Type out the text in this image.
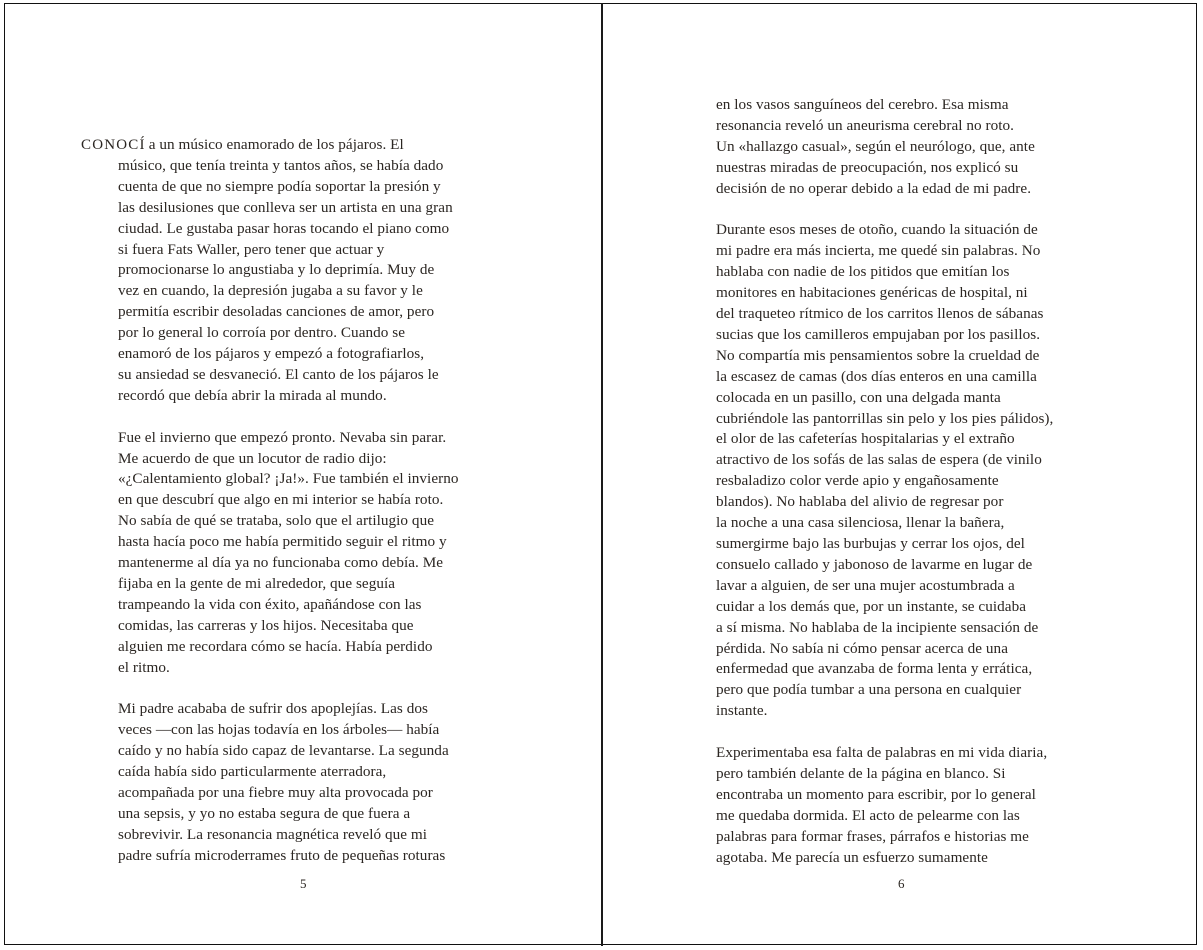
conocí a un músico enamorado de los pájaros. El
músico, que tenía treinta y tantos años, se había dado
cuenta de que no siempre podía soportar la presión y
las desilusiones que conlleva ser un artista en una gran
ciudad. Le gustaba pasar horas tocando el piano como
si fuera Fats Waller, pero tener que actuar y
promocionarse lo angustiaba y lo deprimía. Muy de
vez en cuando, la depresión jugaba a su favor y le
permitía escribir desoladas canciones de amor, pero
por lo general lo corroía por dentro. Cuando se
enamoró de los pájaros y empezó a fotografiarlos,
su ansiedad se desvaneció. El canto de los pájaros le
recordó que debía abrir la mirada al mundo.
Fue el invierno que empezó pronto. Nevaba sin parar.
Me acuerdo de que un locutor de radio dijo:
«¿Calentamiento global? ¡Ja!». Fue también el invierno
en que descubrí que algo en mi interior se había roto.
No sabía de qué se trataba, solo que el artilugio que
hasta hacía poco me había permitido seguir el ritmo y
mantenerme al día ya no funcionaba como debía. Me
fijaba en la gente de mi alrededor, que seguía
trampeando la vida con éxito, apañándose con las
comidas, las carreras y los hijos. Necesitaba que
alguien me recordara cómo se hacía. Había perdido
el ritmo.
Mi padre acababa de sufrir dos apoplejías. Las dos
veces —con las hojas todavía en los árboles— había
caído y no había sido capaz de levantarse. La segunda
caída había sido particularmente aterradora,
acompañada por una fiebre muy alta provocada por
una sepsis, y yo no estaba segura de que fuera a
sobrevivir. La resonancia magnética reveló que mi
padre sufría microderrames fruto de pequeñas roturas
5
en los vasos sanguíneos del cerebro. Esa misma
resonancia reveló un aneurisma cerebral no roto.
Un «hallazgo casual», según el neurólogo, que, ante
nuestras miradas de preocupación, nos explicó su
decisión de no operar debido a la edad de mi padre.
Durante esos meses de otoño, cuando la situación de
mi padre era más incierta, me quedé sin palabras. No
hablaba con nadie de los pitidos que emitían los
monitores en habitaciones genéricas de hospital, ni
del traqueteo rítmico de los carritos llenos de sábanas
sucias que los camilleros empujaban por los pasillos.
No compartía mis pensamientos sobre la crueldad de
la escasez de camas (dos días enteros en una camilla
colocada en un pasillo, con una delgada manta
cubriéndole las pantorrillas sin pelo y los pies pálidos),
el olor de las cafeterías hospitalarias y el extraño
atractivo de los sofás de las salas de espera (de vinilo
resbaladizo color verde apio y engañosamente
blandos). No hablaba del alivio de regresar por
la noche a una casa silenciosa, llenar la bañera,
sumergirme bajo las burbujas y cerrar los ojos, del
consuelo callado y jabonoso de lavarme en lugar de
lavar a alguien, de ser una mujer acostumbrada a
cuidar a los demás que, por un instante, se cuidaba
a sí misma. No hablaba de la incipiente sensación de
pérdida. No sabía ni cómo pensar acerca de una
enfermedad que avanzaba de forma lenta y errática,
pero que podía tumbar a una persona en cualquier
instante.
Experimentaba esa falta de palabras en mi vida diaria,
pero también delante de la página en blanco. Si
encontraba un momento para escribir, por lo general
me quedaba dormida. El acto de pelearme con las
palabras para formar frases, párrafos e historias me
agotaba. Me parecía un esfuerzo sumamente
6
